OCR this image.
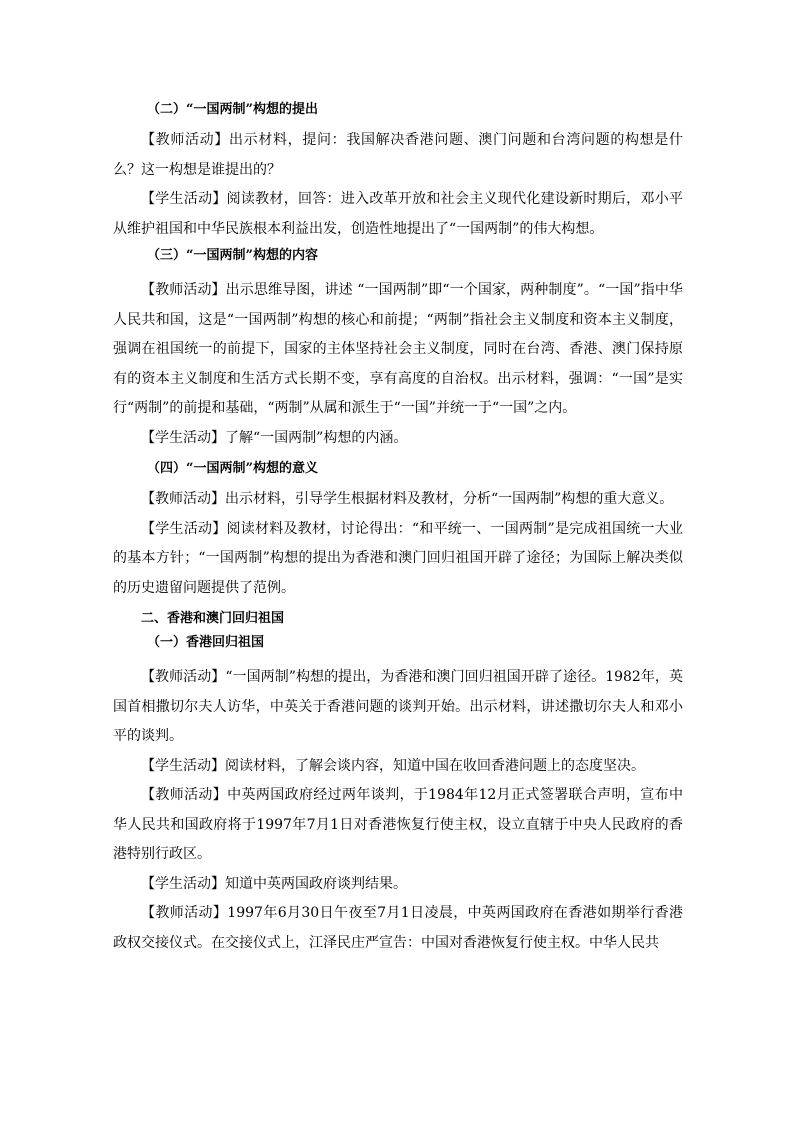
（二）“一国两制”构想的提出

【教师活动】出示材料，提问：我国解决香港问题、澳门问题和台湾问题的构想是什么？这一构想是谁提出的？

【学生活动】阅读教材，回答：进入改革开放和社会主义现代化建设新时期后，邓小平从维护祖国和中华民族根本利益出发，创造性地提出了“一国两制”的伟大构想。

（三）“一国两制”构想的内容

【教师活动】出示思维导图，讲述 “一国两制”即“一个国家，两种制度”。“一国”指中华人民共和国，这是“一国两制”构想的核心和前提；“两制”指社会主义制度和资本主义制度，强调在祖国统一的前提下，国家的主体坚持社会主义制度，同时在台湾、香港、澳门保持原有的资本主义制度和生活方式长期不变，享有高度的自治权。出示材料，强调：“一国”是实行“两制”的前提和基础，“两制”从属和派生于“一国”并统一于“一国”之内。

【学生活动】了解“一国两制”构想的内涵。

（四）“一国两制”构想的意义

【教师活动】出示材料，引导学生根据材料及教材，分析“一国两制”构想的重大意义。

【学生活动】阅读材料及教材，讨论得出：“和平统一、一国两制”是完成祖国统一大业的基本方针；“一国两制”构想的提出为香港和澳门回归祖国开辟了途径；为国际上解决类似的历史遗留问题提供了范例。

二、香港和澳门回归祖国

（一）香港回归祖国

【教师活动】“一国两制”构想的提出，为香港和澳门回归祖国开辟了途径。1982年，英国首相撒切尔夫人访华，中英关于香港问题的谈判开始。出示材料，讲述撒切尔夫人和邓小平的谈判。

【学生活动】阅读材料，了解会谈内容，知道中国在收回香港问题上的态度坚决。

【教师活动】中英两国政府经过两年谈判，于1984年12月正式签署联合声明，宣布中华人民共和国政府将于1997年7月1日对香港恢复行使主权，设立直辖于中央人民政府的香港特别行政区。

【学生活动】知道中英两国政府谈判结果。

【教师活动】1997年6月30日午夜至7月1日凌晨，中英两国政府在香港如期举行香港政权交接仪式。在交接仪式上，江泽民庄严宣告：中国对香港恢复行使主权。中华人民共
